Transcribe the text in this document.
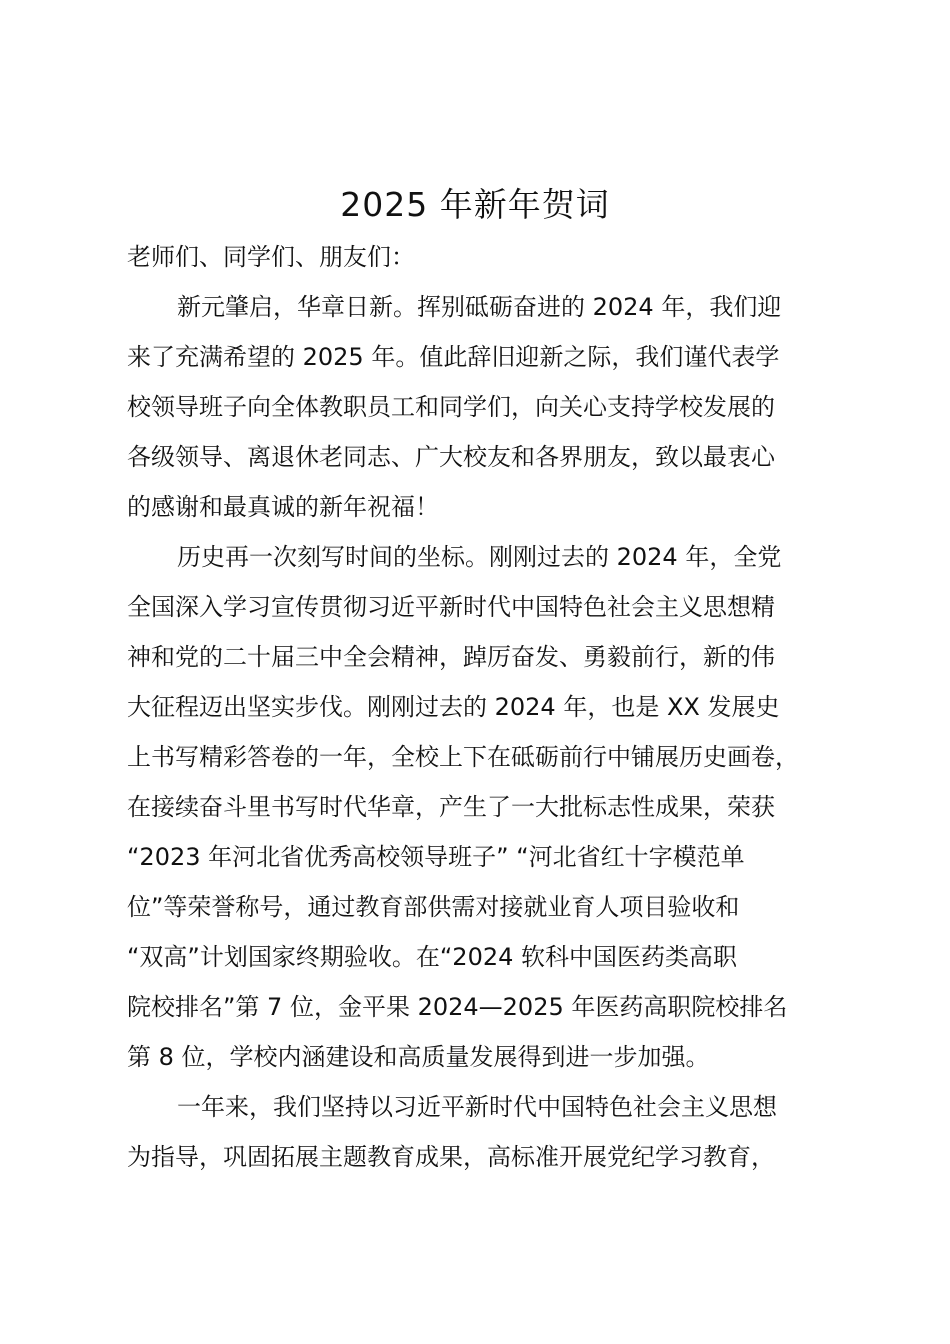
2025 年新年贺词
老师们、同学们、朋友们：
新元肇启，华章日新。挥别砥砺奋进的 2024 年，我们迎
来了充满希望的 2025 年。值此辞旧迎新之际，我们谨代表学
校领导班子向全体教职员工和同学们，向关心支持学校发展的
各级领导、离退休老同志、广大校友和各界朋友，致以最衷心
的感谢和最真诚的新年祝福！
历史再一次刻写时间的坐标。刚刚过去的 2024 年，全党
全国深入学习宣传贯彻习近平新时代中国特色社会主义思想精
神和党的二十届三中全会精神，踔厉奋发、勇毅前行，新的伟
大征程迈出坚实步伐。刚刚过去的 2024 年，也是 XX 发展史
上书写精彩答卷的一年，全校上下在砥砺前行中铺展历史画卷，
在接续奋斗里书写时代华章，产生了一大批标志性成果，荣获
“2023 年河北省优秀高校领导班子” “河北省红十字模范单
位”等荣誉称号，通过教育部供需对接就业育人项目验收和
“双高”计划国家终期验收。在“2024 软科中国医药类高职
院校排名”第 7 位，金平果 2024—2025 年医药高职院校排名
第 8 位，学校内涵建设和高质量发展得到进一步加强。
一年来，我们坚持以习近平新时代中国特色社会主义思想
为指导，巩固拓展主题教育成果，高标准开展党纪学习教育，
